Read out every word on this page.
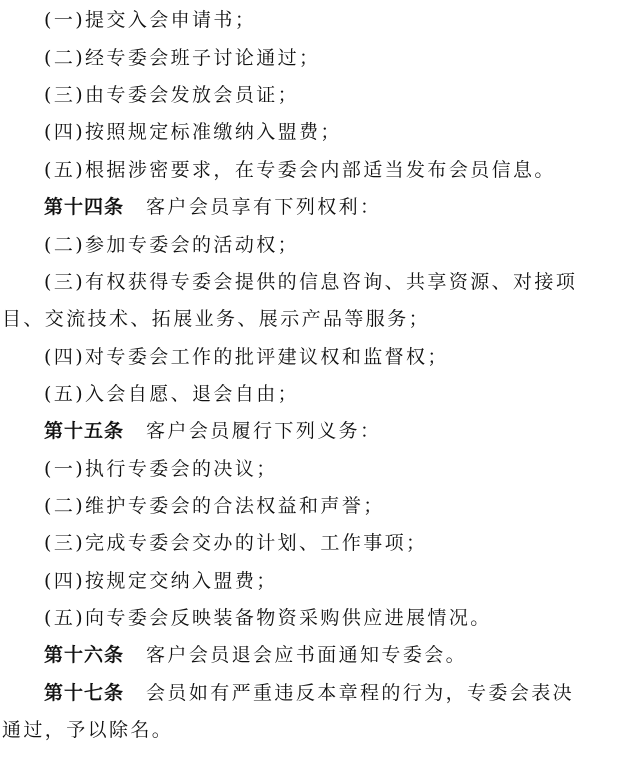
(一)提交入会申请书；
(二)经专委会班子讨论通过；
(三)由专委会发放会员证；
(四)按照规定标准缴纳入盟费；
(五)根据涉密要求，在专委会内部适当发布会员信息。
第十四条 客户会员享有下列权利：
(二)参加专委会的活动权；
(三)有权获得专委会提供的信息咨询、共享资源、对接项
目、交流技术、拓展业务、展示产品等服务；
(四)对专委会工作的批评建议权和监督权；
(五)入会自愿、退会自由；
第十五条 客户会员履行下列义务：
(一)执行专委会的决议；
(二)维护专委会的合法权益和声誉；
(三)完成专委会交办的计划、工作事项；
(四)按规定交纳入盟费；
(五)向专委会反映装备物资采购供应进展情况。
第十六条 客户会员退会应书面通知专委会。
第十七条 会员如有严重违反本章程的行为，专委会表决
通过，予以除名。
